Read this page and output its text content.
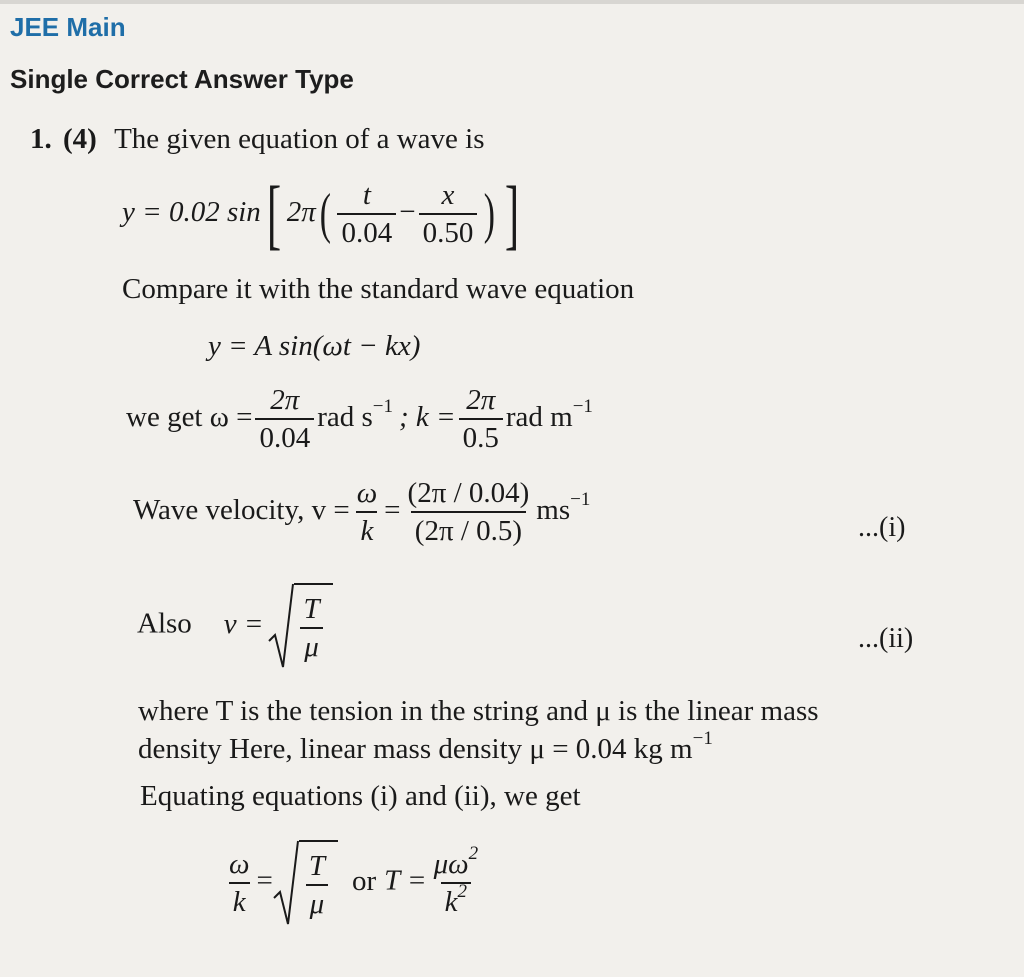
JEE Main
Single Correct Answer Type
1. (4) The given equation of a wave is
y = 0.02 sin[ $2\pi( \frac{t}{0.04} - \frac{x}{0.50}$ ) ]
Compare it with the standard wave equation
y = A sin(ωt − kx)
we get $\omega = \frac{2\pi}{0.04}$ rad $s^{-1}$ ; $k = \frac{2\pi}{0.5}$ rad $m^{-1}$
Wave velocity, $v = \frac{\omega}{k} = \frac{(2\pi / 0.04)}{(2\pi / 0.5)} ms^{-1}$
...(i)
Also $v = \frac{T}{\mu}$	...(ii)
where T is the tension in the string and μ is the linear mass
density Here, linear mass density μ = 0.04 kg $m^{-1}$
Equating equations (i) and (ii), we get
$\frac{\omega}{k} = \frac{T}{\mu}$ or $T = \frac{\mu\omega^2}{k^2}$
